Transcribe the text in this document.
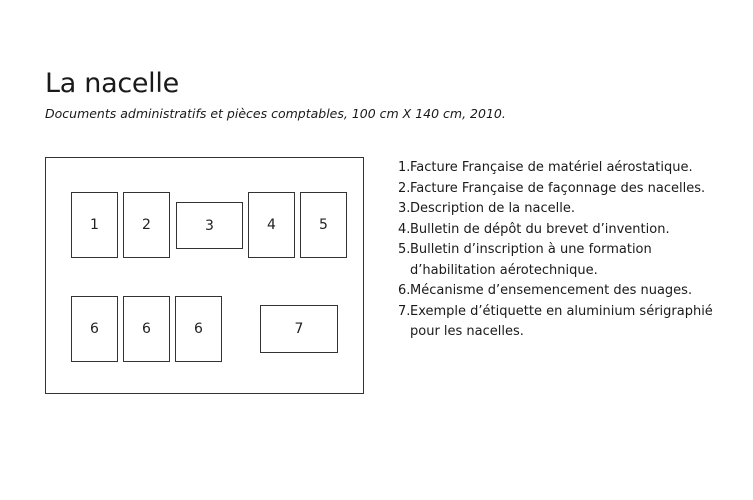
La nacelle

Documents administratifs et pièces comptables, 100 cm X 140 cm, 2010.

1	2	3	4	5
6	6	6	7
1. Facture Française de matériel aérostatique.
2. Facture Française de façonnage des nacelles.
3. Description de la nacelle.
4. Bulletin de dépôt du brevet d’invention.
5. Bulletin d’inscription à une formation d’habilitation aérotechnique.
6. Mécanisme d’ensemencement des nuages.
7. Exemple d’étiquette en aluminium sérigraphié pour les nacelles.
